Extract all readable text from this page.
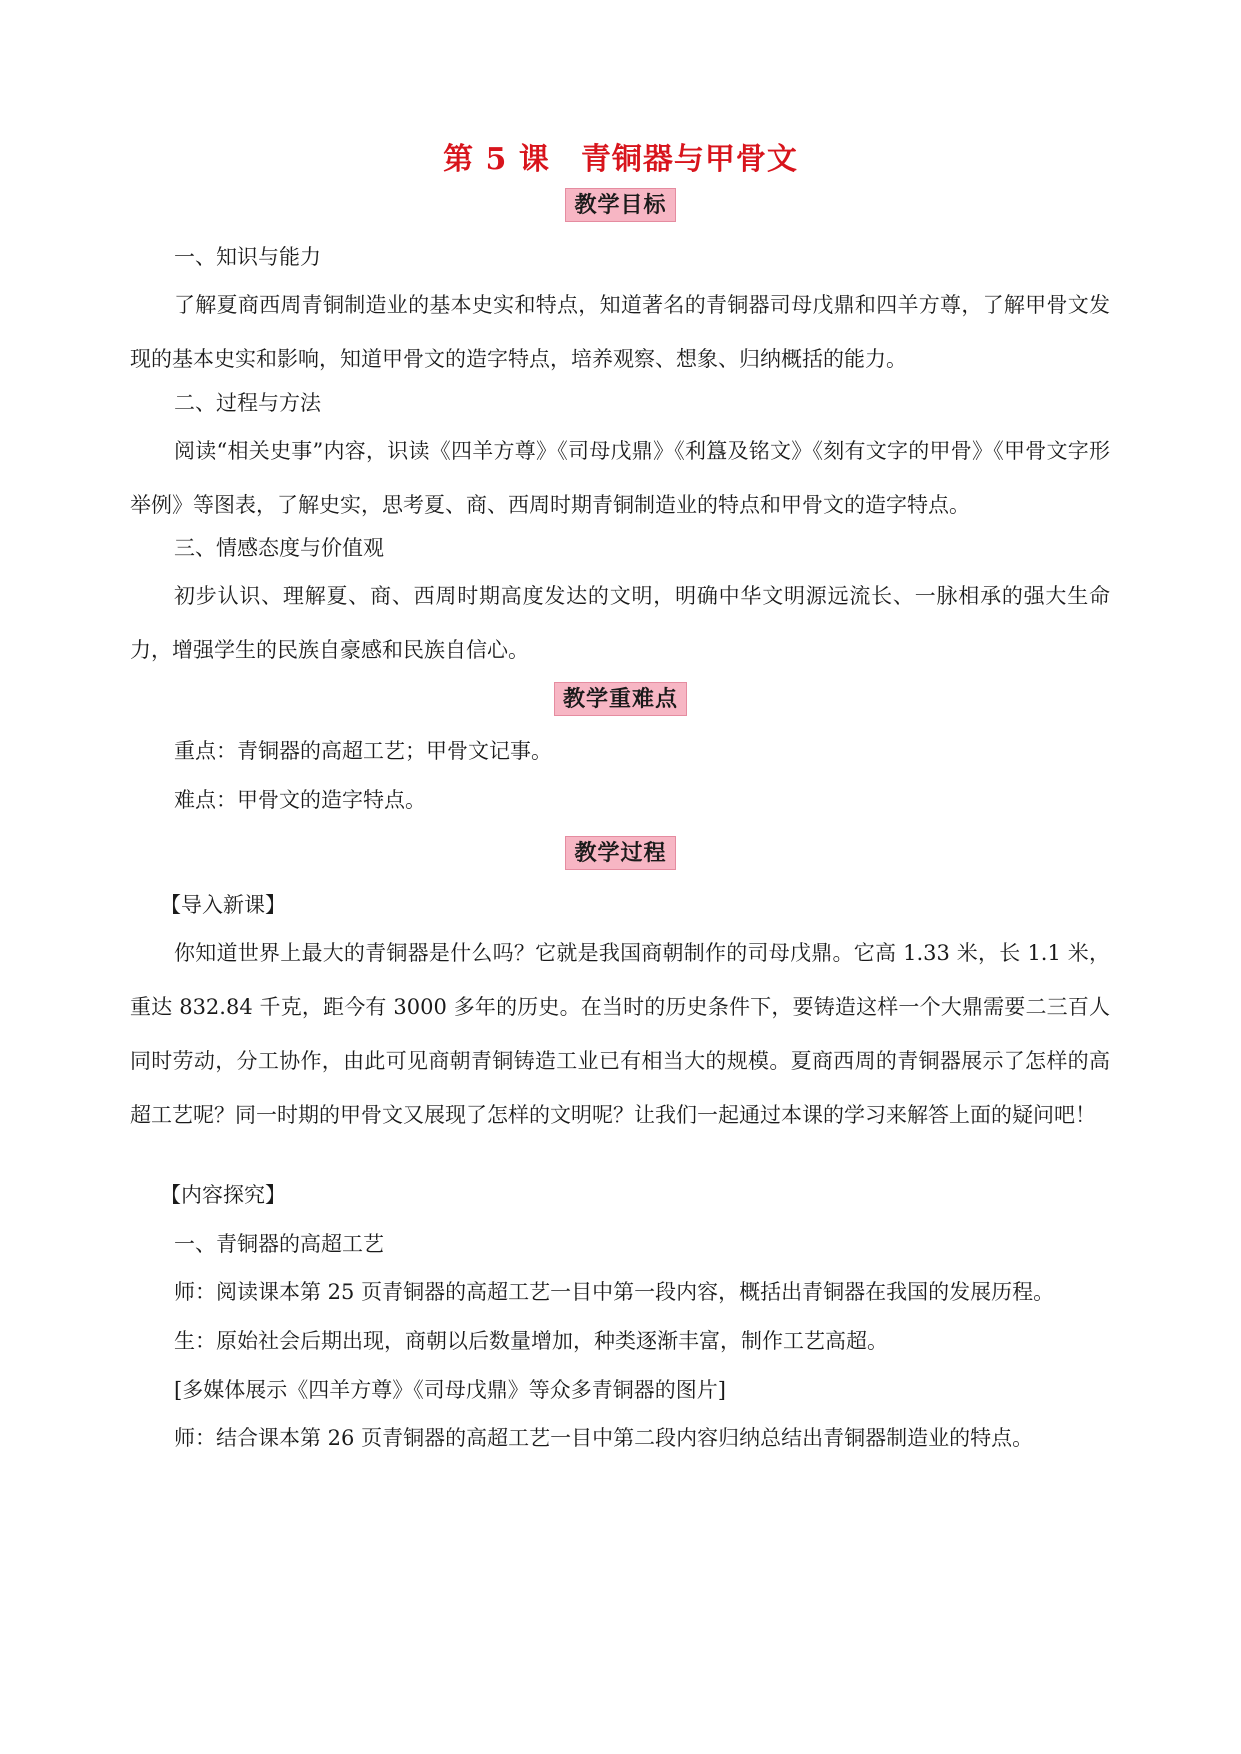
第 5 课　青铜器与甲骨文
教学目标
一、知识与能力

了解夏商西周青铜制造业的基本史实和特点，知道著名的青铜器司母戊鼎和四羊方尊，了解甲骨文发现的基本史实和影响，知道甲骨文的造字特点，培养观察、想象、归纳概括的能力。

二、过程与方法

阅读“相关史事”内容，识读《四羊方尊》《司母戊鼎》《利簋及铭文》《刻有文字的甲骨》《甲骨文字形举例》等图表，了解史实，思考夏、商、西周时期青铜制造业的特点和甲骨文的造字特点。

三、情感态度与价值观

初步认识、理解夏、商、西周时期高度发达的文明，明确中华文明源远流长、一脉相承的强大生命力，增强学生的民族自豪感和民族自信心。

教学重难点
重点：青铜器的高超工艺；甲骨文记事。
难点：甲骨文的造字特点。
教学过程
【导入新课】

你知道世界上最大的青铜器是什么吗？它就是我国商朝制作的司母戊鼎。它高 1.33 米，长 1.1 米，重达 832.84 千克，距今有 3000 多年的历史。在当时的历史条件下，要铸造这样一个大鼎需要二三百人同时劳动，分工协作，由此可见商朝青铜铸造工业已有相当大的规模。夏商西周的青铜器展示了怎样的高超工艺呢？同一时期的甲骨文又展现了怎样的文明呢？让我们一起通过本课的学习来解答上面的疑问吧！

【内容探究】
一、青铜器的高超工艺
师：阅读课本第 25 页青铜器的高超工艺一目中第一段内容，概括出青铜器在我国的发展历程。
生：原始社会后期出现，商朝以后数量增加，种类逐渐丰富，制作工艺高超。
[多媒体展示《四羊方尊》《司母戊鼎》等众多青铜器的图片]
师：结合课本第 26 页青铜器的高超工艺一目中第二段内容归纳总结出青铜器制造业的特点。
